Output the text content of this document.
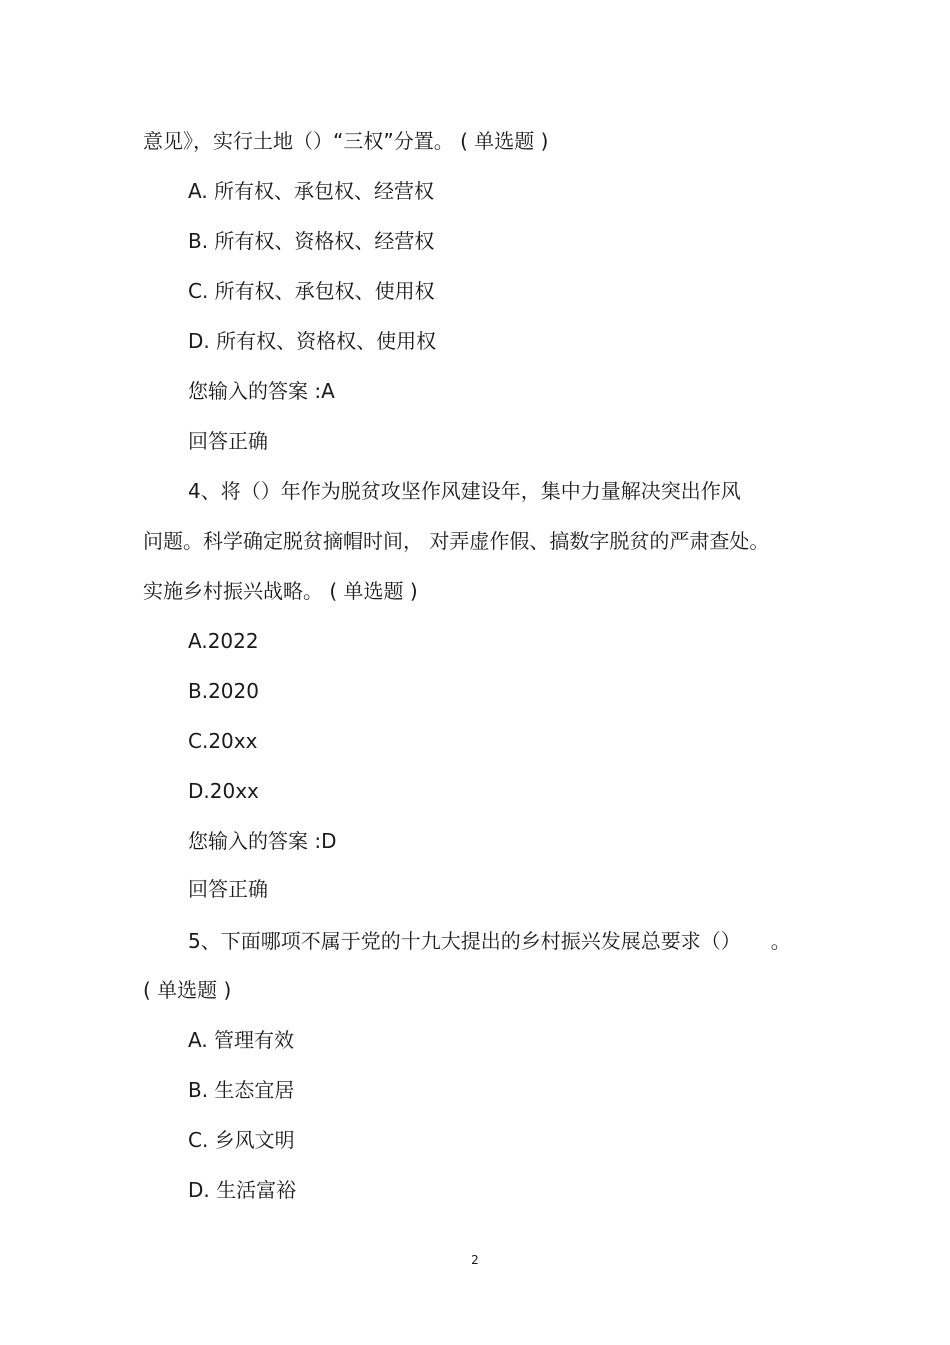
意见》，实行土地（）“三权”分置。 ( 单选题 )
A. 所有权、承包权、经营权
B. 所有权、资格权、经营权
C. 所有权、承包权、使用权
D. 所有权、资格权、使用权
您输入的答案 :A
回答正确
4、将（）年作为脱贫攻坚作风建设年，集中力量解决突出作风
问题。科学确定脱贫摘帽时间， 对弄虚作假、搞数字脱贫的严肃查处。
实施乡村振兴战略。 ( 单选题 )
A.2022
B.2020
C.20xx
D.20xx
您输入的答案 :D
回答正确
5、下面哪项不属于党的十九大提出的乡村振兴发展总要求（）　　。
( 单选题 )
A. 管理有效
B. 生态宜居
C. 乡风文明
D. 生活富裕
2
